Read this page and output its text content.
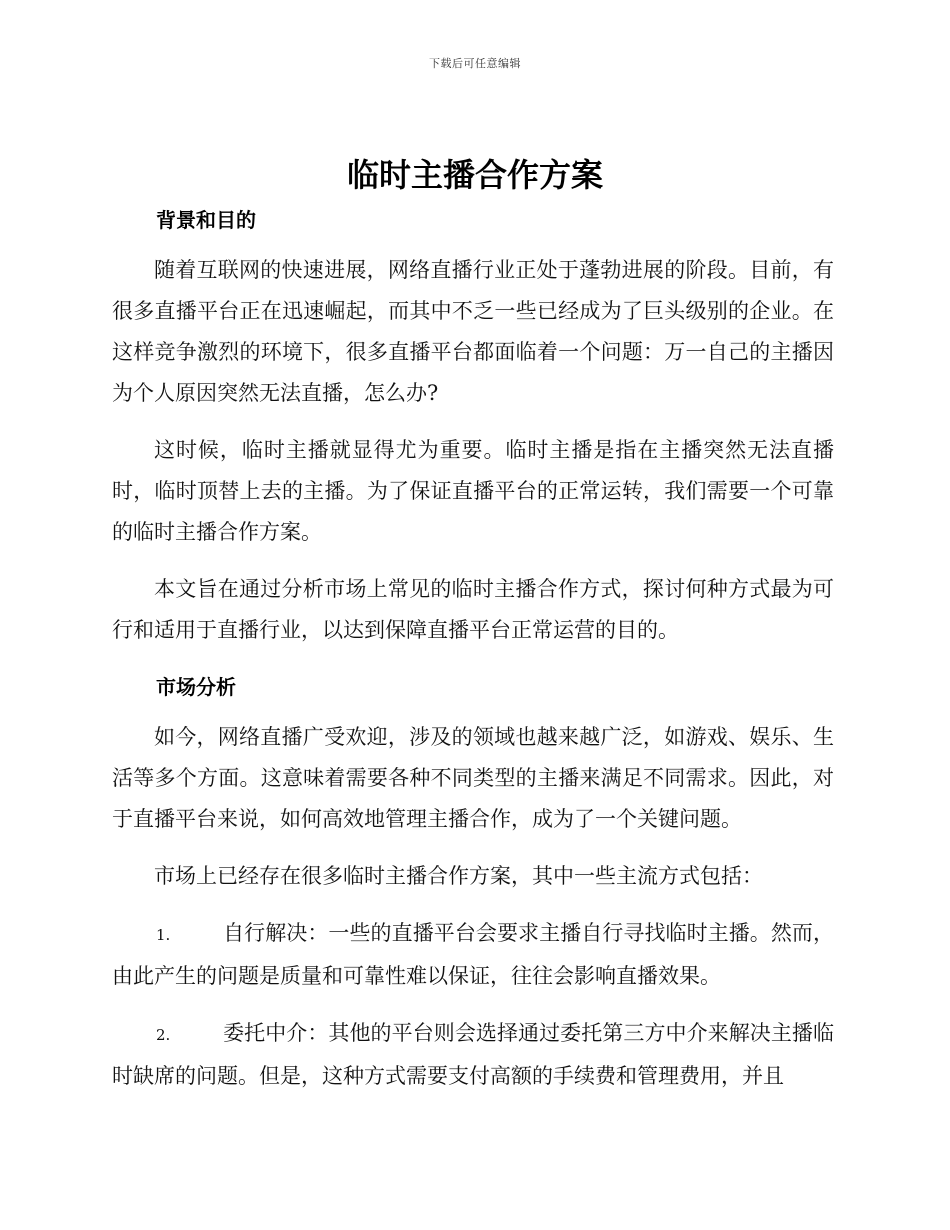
下载后可任意编辑
临时主播合作方案
背景和目的

随着互联网的快速进展，网络直播行业正处于蓬勃进展的阶段。目前，有很多直播平台正在迅速崛起，而其中不乏一些已经成为了巨头级别的企业。在这样竞争激烈的环境下，很多直播平台都面临着一个问题：万一自己的主播因为个人原因突然无法直播，怎么办?

这时候，临时主播就显得尤为重要。临时主播是指在主播突然无法直播时，临时顶替上去的主播。为了保证直播平台的正常运转，我们需要一个可靠的临时主播合作方案。

本文旨在通过分析市场上常见的临时主播合作方式，探讨何种方式最为可行和适用于直播行业，以达到保障直播平台正常运营的目的。

市场分析

如今，网络直播广受欢迎，涉及的领域也越来越广泛，如游戏、娱乐、生活等多个方面。这意味着需要各种不同类型的主播来满足不同需求。因此，对于直播平台来说，如何高效地管理主播合作，成为了一个关键问题。

市场上已经存在很多临时主播合作方案，其中一些主流方式包括：

1.	自行解决：一些的直播平台会要求主播自行寻找临时主播。然而，由此产生的问题是质量和可靠性难以保证，往往会影响直播效果。

2.	委托中介：其他的平台则会选择通过委托第三方中介来解决主播临时缺席的问题。但是，这种方式需要支付高额的手续费和管理费用，并且
